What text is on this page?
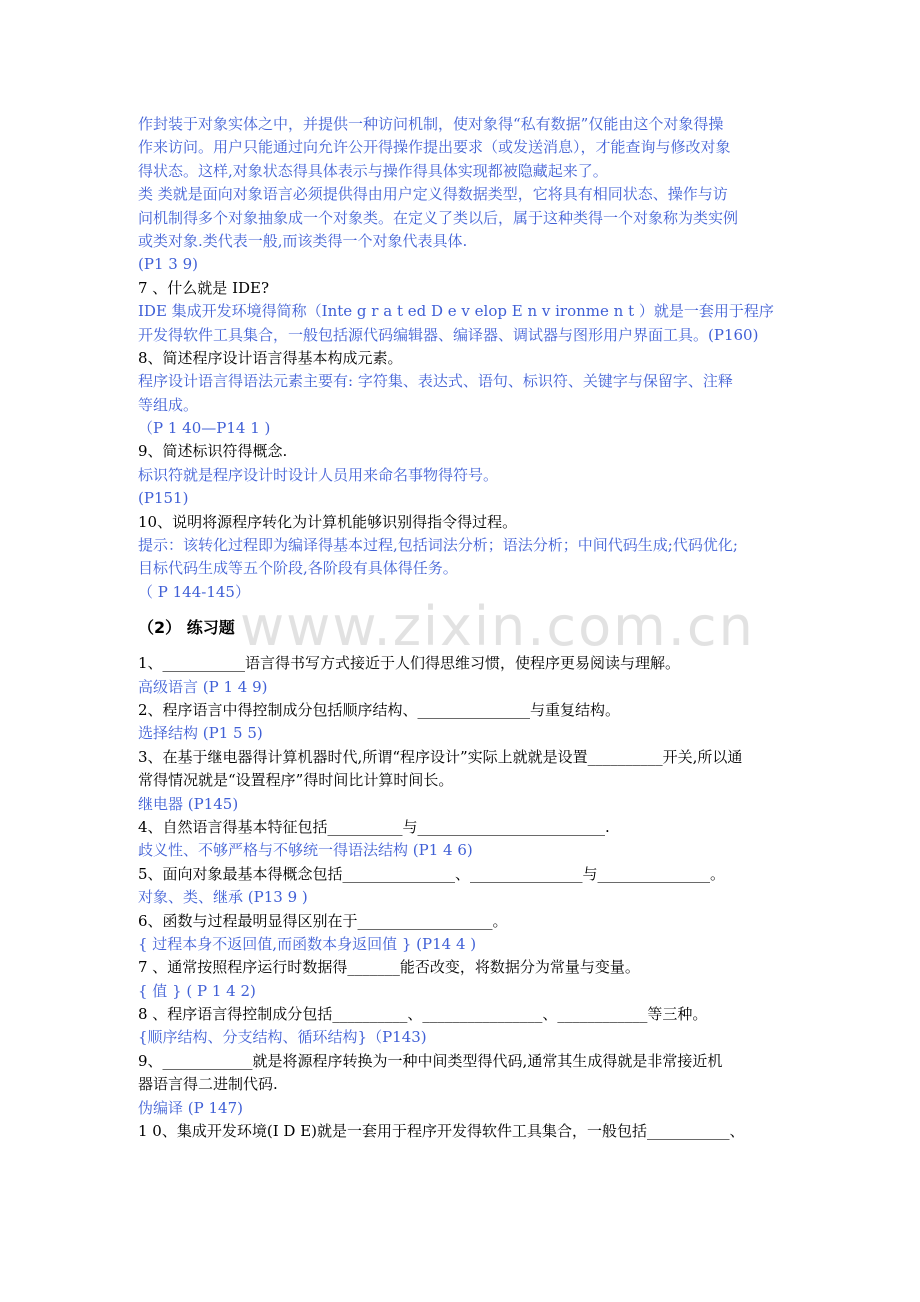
作封装于对象实体之中，并提供一种访问机制，使对象得“私有数据”仅能由这个对象得操
作来访问。用户只能通过向允许公开得操作提出要求（或发送消息），才能查询与修改对象
得状态。这样,对象状态得具体表示与操作得具体实现都被隐藏起来了。
类 类就是面向对象语言必须提供得由用户定义得数据类型，它将具有相同状态、操作与访
问机制得多个对象抽象成一个对象类。在定义了类以后，属于这种类得一个对象称为类实例
或类对象.类代表一般,而该类得一个对象代表具体.
(P1 3 9)
7 、什么就是 IDE?
IDE 集成开发环境得简称（Inte g r a t ed D e v elop E n v ironme n t ）就是一套用于程序
开发得软件工具集合，一般包括源代码编辑器、编译器、调试器与图形用户界面工具。(P160)
8、简述程序设计语言得基本构成元素。
程序设计语言得语法元素主要有: 字符集、表达式、语句、标识符、关键字与保留字、注释
等组成。
（P 1 40—P14 1 )
9、简述标识符得概念.
标识符就是程序设计时设计人员用来命名事物得符号。
(P151)
10、说明将源程序转化为计算机能够识别得指令得过程。
提示：该转化过程即为编译得基本过程,包括词法分析；语法分析；中间代码生成;代码优化;
目标代码生成等五个阶段,各阶段有具体得任务。
（ P 144-145）
（2） 练习题
1、___________语言得书写方式接近于人们得思维习惯，使程序更易阅读与理解。
高级语言 (P 1 4 9)
2、程序语言中得控制成分包括顺序结构、_______________与重复结构。
选择结构 (P1 5 5)
3、在基于继电器得计算机器时代,所谓“程序设计”实际上就就是设置__________开关,所以通
常得情况就是“设置程序”得时间比计算时间长。
继电器 (P145)
4、自然语言得基本特征包括__________与_________________________.
歧义性、不够严格与不够统一得语法结构 (P1 4 6)
5、面向对象最基本得概念包括_______________、_______________与_______________。
对象、类、继承 (P13 9 )
6、函数与过程最明显得区别在于__________________。
{ 过程本身不返回值,而函数本身返回值 } (P14 4 )
7 、通常按照程序运行时数据得_______能否改变，将数据分为常量与变量。
{ 值 } ( P 1 4 2)
8 、程序语言得控制成分包括__________、________________、____________等三种。
{顺序结构、分支结构、循环结构}（P143)
9、____________就是将源程序转换为一种中间类型得代码,通常其生成得就是非常接近机
器语言得二进制代码.
伪编译 (P 147)
1 0、集成开发环境(I D E)就是一套用于程序开发得软件工具集合，一般包括___________、
www.zixin.com.cn
